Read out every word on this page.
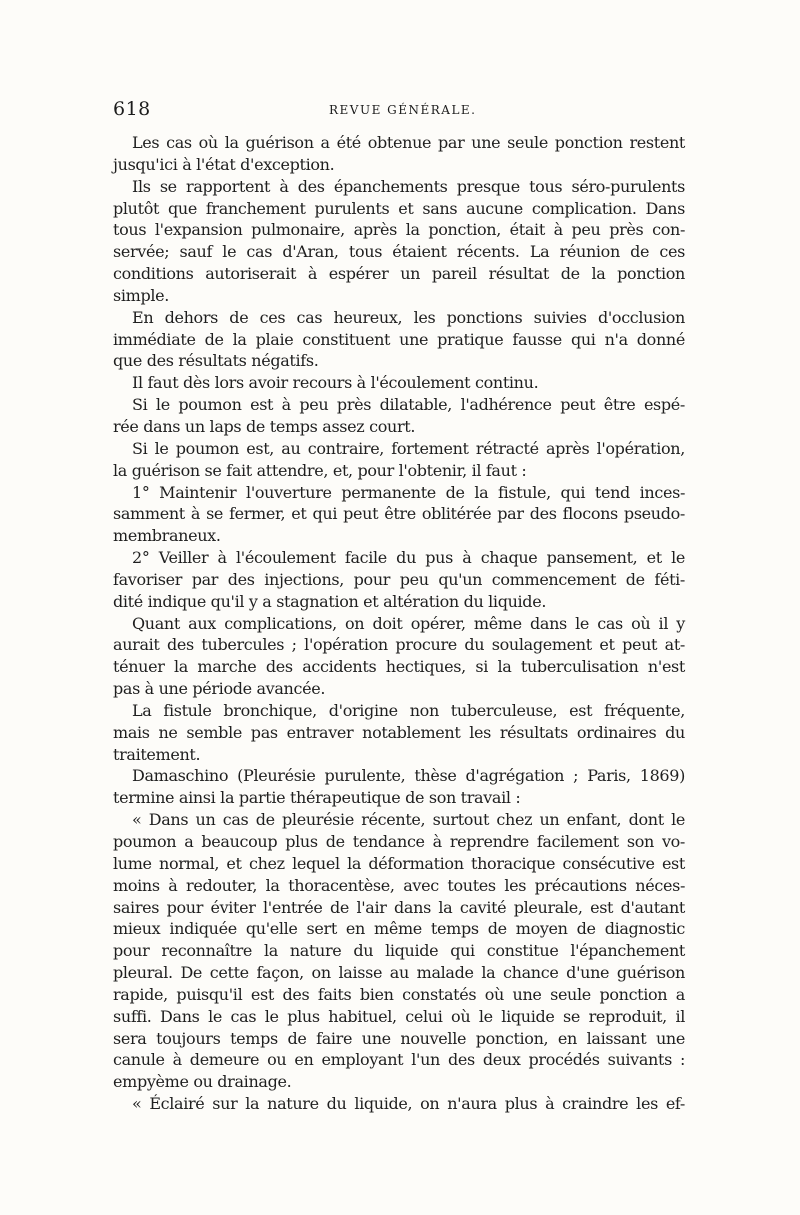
618	REVUE GÉNÉRALE.
Les cas où la guérison a été obtenue par une seule ponction restent
jusqu'ici à l'état d'exception.
Ils se rapportent à des épanchements presque tous séro-purulents
plutôt que franchement purulents et sans aucune complication. Dans
tous l'expansion pulmonaire, après la ponction, était à peu près con-
servée; sauf le cas d'Aran, tous étaient récents. La réunion de ces
conditions autoriserait à espérer un pareil résultat de la ponction
simple.
En dehors de ces cas heureux, les ponctions suivies d'occlusion
immédiate de la plaie constituent une pratique fausse qui n'a donné
que des résultats négatifs.
Il faut dès lors avoir recours à l'écoulement continu.
Si le poumon est à peu près dilatable, l'adhérence peut être espé-
rée dans un laps de temps assez court.
Si le poumon est, au contraire, fortement rétracté après l'opération,
la guérison se fait attendre, et, pour l'obtenir, il faut :
1° Maintenir l'ouverture permanente de la fistule, qui tend inces-
samment à se fermer, et qui peut être oblitérée par des flocons pseudo-
membraneux.
2° Veiller à l'écoulement facile du pus à chaque pansement, et le
favoriser par des injections, pour peu qu'un commencement de féti-
dité indique qu'il y a stagnation et altération du liquide.
Quant aux complications, on doit opérer, même dans le cas où il y
aurait des tubercules ; l'opération procure du soulagement et peut at-
ténuer la marche des accidents hectiques, si la tuberculisation n'est
pas à une période avancée.
La fistule bronchique, d'origine non tuberculeuse, est fréquente,
mais ne semble pas entraver notablement les résultats ordinaires du
traitement.
Damaschino (Pleurésie purulente, thèse d'agrégation ; Paris, 1869)
termine ainsi la partie thérapeutique de son travail :
« Dans un cas de pleurésie récente, surtout chez un enfant, dont le
poumon a beaucoup plus de tendance à reprendre facilement son vo-
lume normal, et chez lequel la déformation thoracique consécutive est
moins à redouter, la thoracentèse, avec toutes les précautions néces-
saires pour éviter l'entrée de l'air dans la cavité pleurale, est d'autant
mieux indiquée qu'elle sert en même temps de moyen de diagnostic
pour reconnaître la nature du liquide qui constitue l'épanchement
pleural. De cette façon, on laisse au malade la chance d'une guérison
rapide, puisqu'il est des faits bien constatés où une seule ponction a
suffi. Dans le cas le plus habituel, celui où le liquide se reproduit, il
sera toujours temps de faire une nouvelle ponction, en laissant une
canule à demeure ou en employant l'un des deux procédés suivants :
empyème ou drainage.
« Éclairé sur la nature du liquide, on n'aura plus à craindre les ef-
